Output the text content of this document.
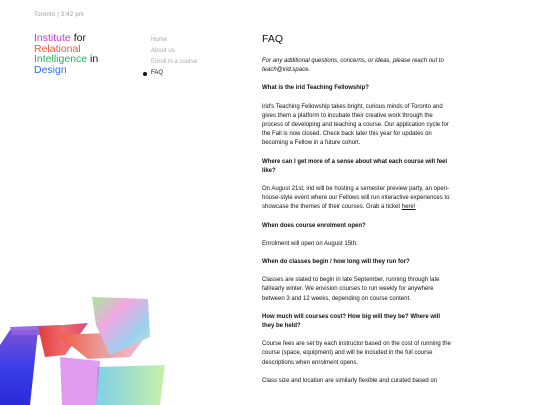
Toronto | 3:42 pm
Institute for
Relational
Intelligence in
Design
Home
About us
Enroll in a course
FAQ
FAQ

For any additional questions, concerns, or ideas, please reach out to teach@irid.space.

What is the irid Teaching Fellowship?

irid's Teaching Fellowship takes bright, curious minds of Toronto and gives them a platform to incubate their creative work through the process of developing and teaching a course. Our application cycle for the Fall is now closed. Check back later this year for updates on becoming a Fellow in a future cohort.

Where can I get more of a sense about what each course will feel like?

On August 21st, irid will be hosting a semester preview party, an open-house-style event where our Fellows will run interactive experiences to showcase the themes of their courses. Grab a ticket here!

When does course enrolment open?

Enrolment will open on August 15th.

When do classes begin / how long will they run for?

Classes are slated to begin in late September, running through late fall/early winter. We envision courses to run weekly for anywhere between 3 and 12 weeks, depending on course content.

How much will courses cost? How big will they be? Where will they be held?

Course fees are set by each instructor based on the cost of running the course (space, equipment) and will be included in the full course descriptions when enrolment opens.

Class size and location are similarly flexible and curated based on
